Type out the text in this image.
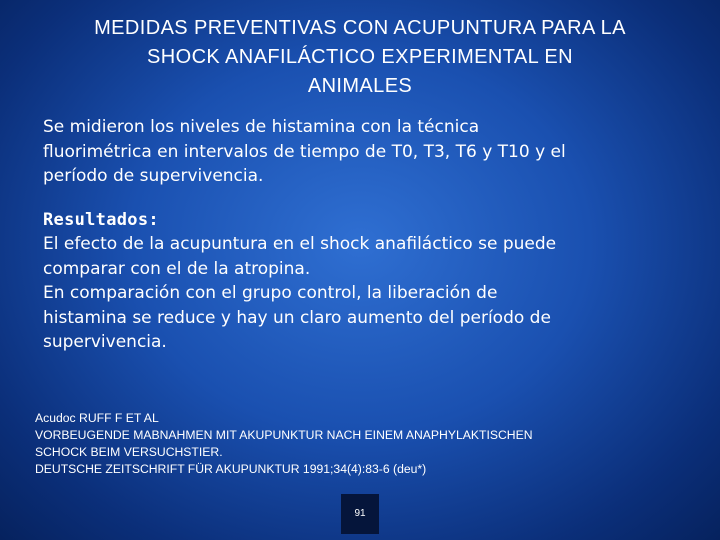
MEDIDAS PREVENTIVAS CON ACUPUNTURA PARA LA
SHOCK ANAFILÁCTICO EXPERIMENTAL EN
ANIMALES
Se midieron los niveles de histamina con la técnica
fluorimétrica en intervalos de tiempo de T0, T3, T6 y T10 y el
período de supervivencia.
Resultados:
El efecto de la acupuntura en el shock anafiláctico se puede
comparar con el de la atropina.
En comparación con el grupo control, la liberación de
histamina se reduce y hay un claro aumento del período de
supervivencia.
Acudoc RUFF F ET AL
VORBEUGENDE MABNAHMEN MIT AKUPUNKTUR NACH EINEM ANAPHYLAKTISCHEN
SCHOCK BEIM VERSUCHSTIER.
DEUTSCHE ZEITSCHRIFT FÜR AKUPUNKTUR 1991;34(4):83-6 (deu*)
91
